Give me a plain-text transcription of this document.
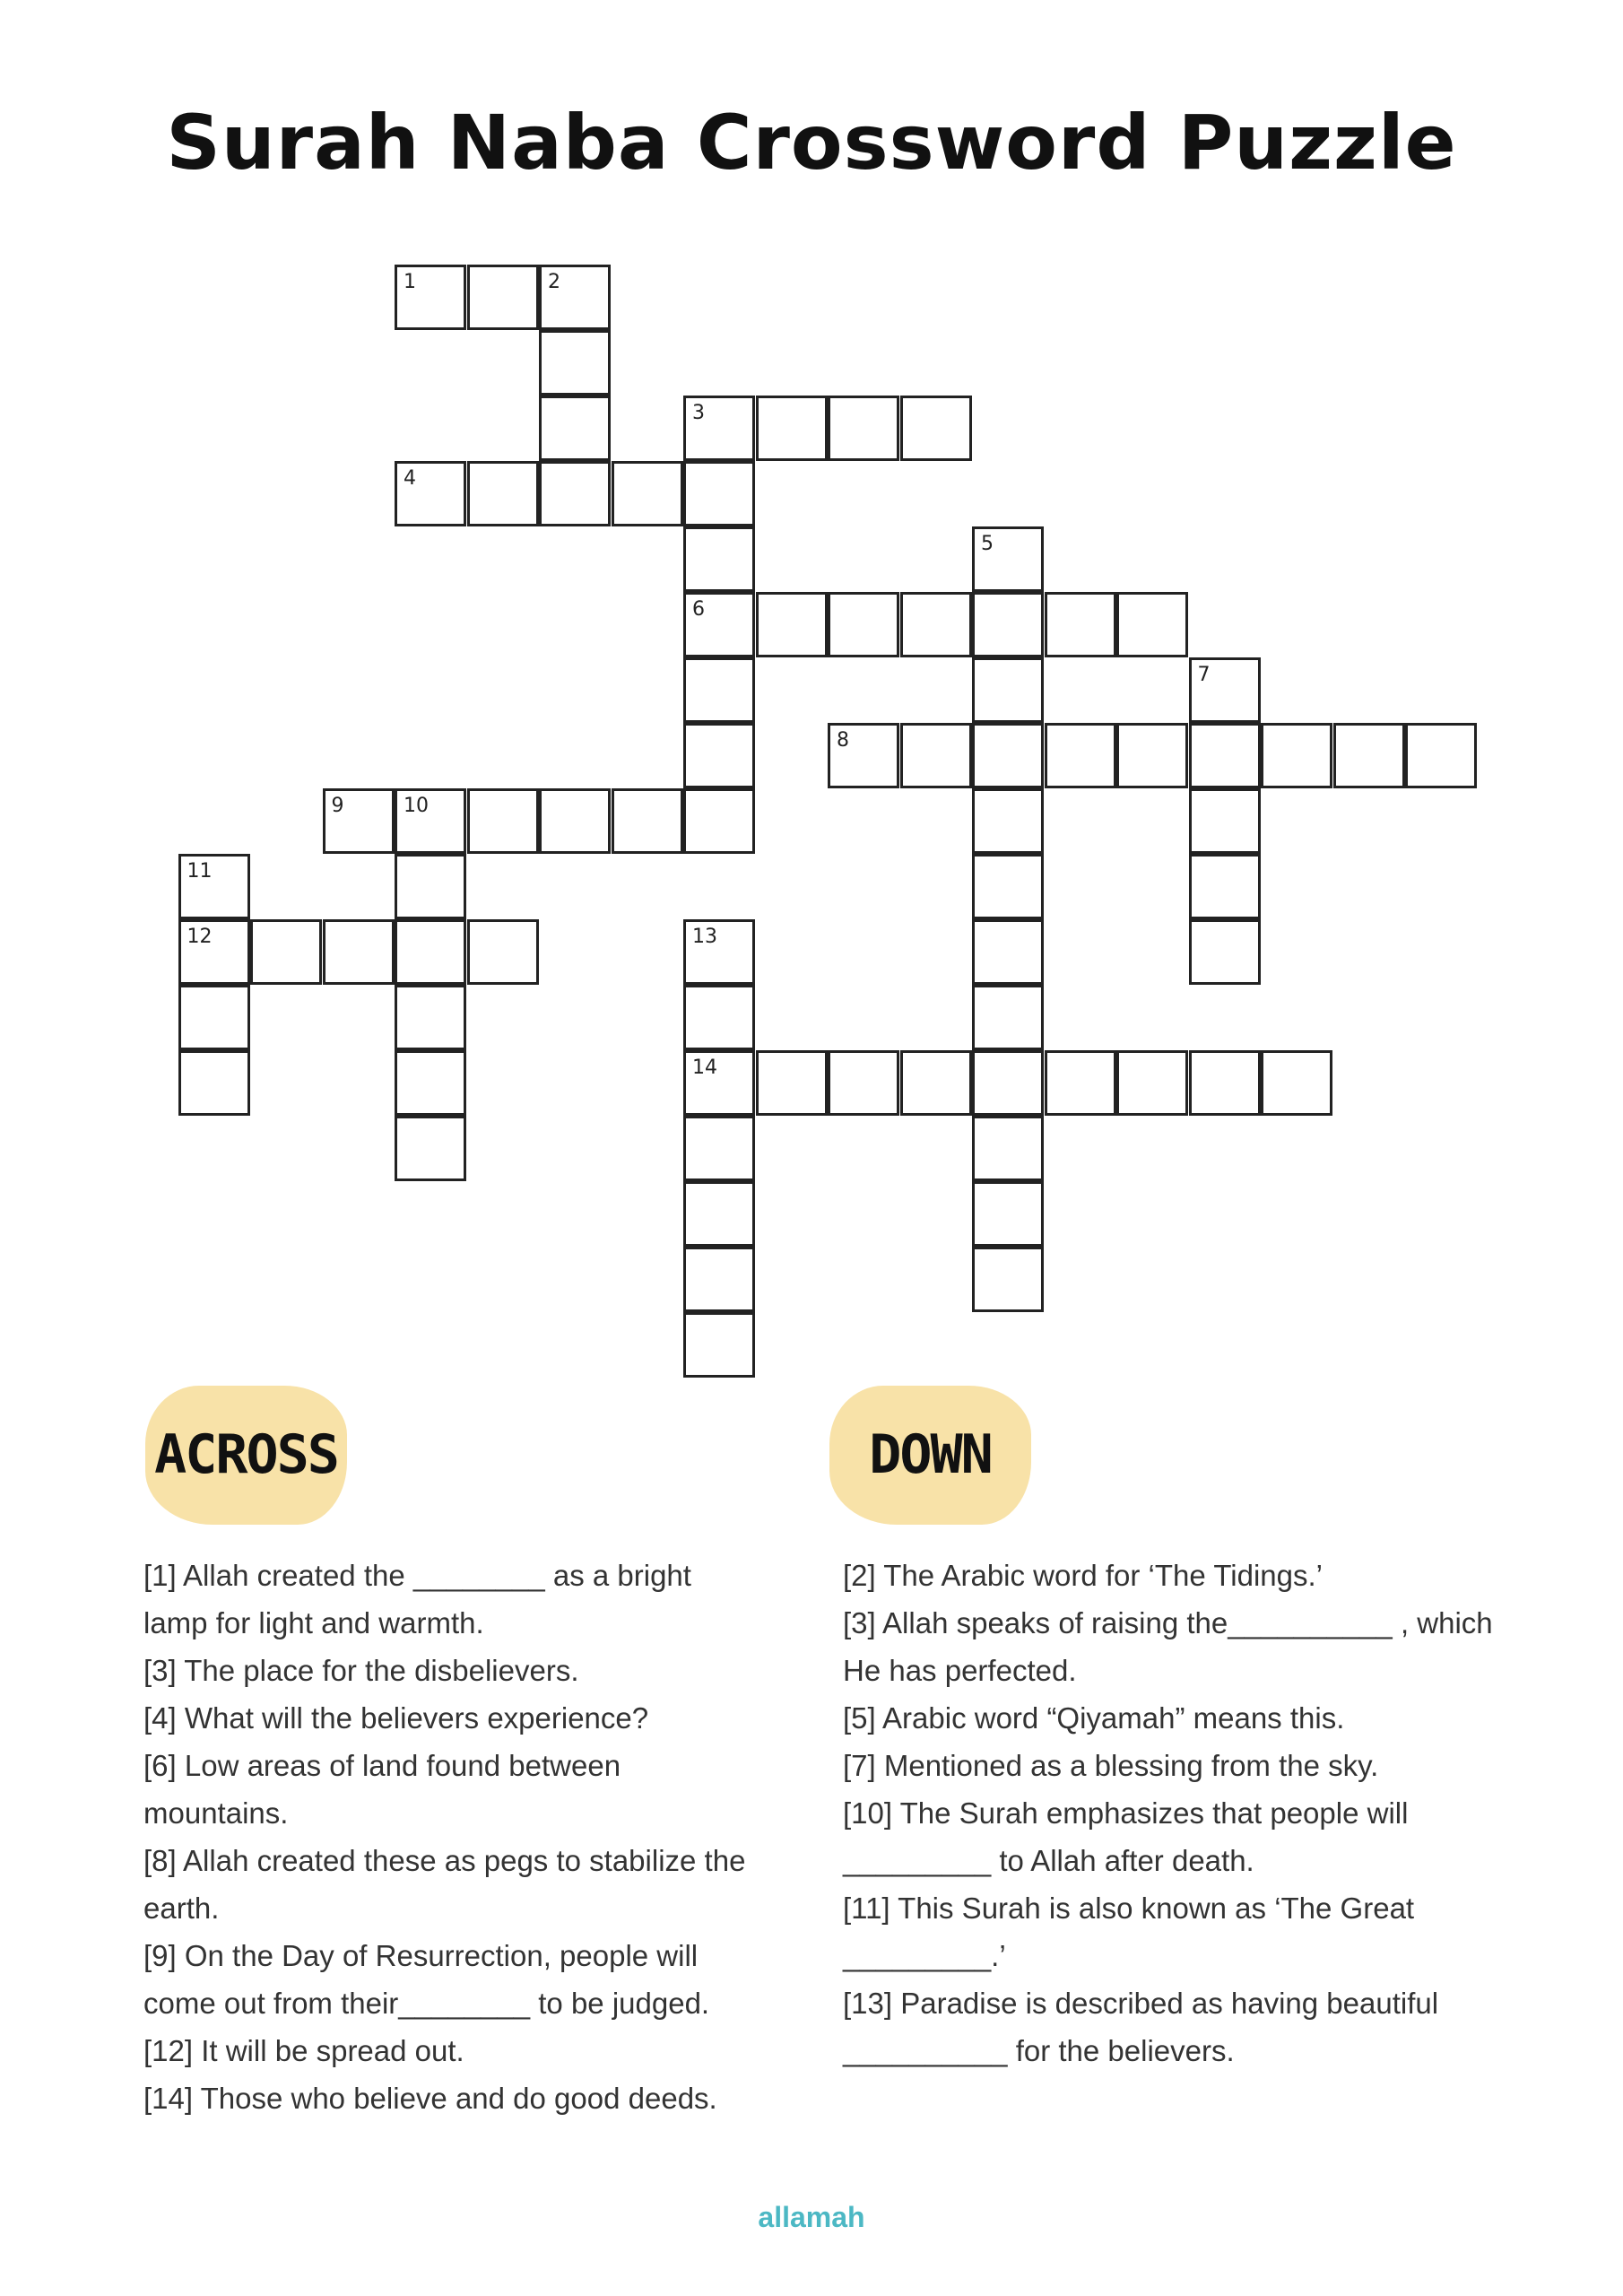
Surah Naba Crossword Puzzle
1	2
3
4
5
6
7
8
9	10
11
12	13
14
ACROSS	DOWN

[1] Allah created the ________ as a bright lamp for light and warmth.

[3] The place for the disbelievers.

[4] What will the believers experience?

[6] Low areas of land found between mountains.

[8] Allah created these as pegs to stabilize the earth.

[9] On the Day of Resurrection, people will come out from their________ to be judged.

[12] It will be spread out.

[14] Those who believe and do good deeds.

[2] The Arabic word for ‘The Tidings.’

[3] Allah speaks of raising the__________ , which He has perfected.

[5] Arabic word “Qiyamah” means this.

[7] Mentioned as a blessing from the sky.

[10] The Surah emphasizes that people will _________ to Allah after death.

[11] This Surah is also known as ‘The Great _________.’

[13] Paradise is described as having beautiful __________ for the believers.

allamah
